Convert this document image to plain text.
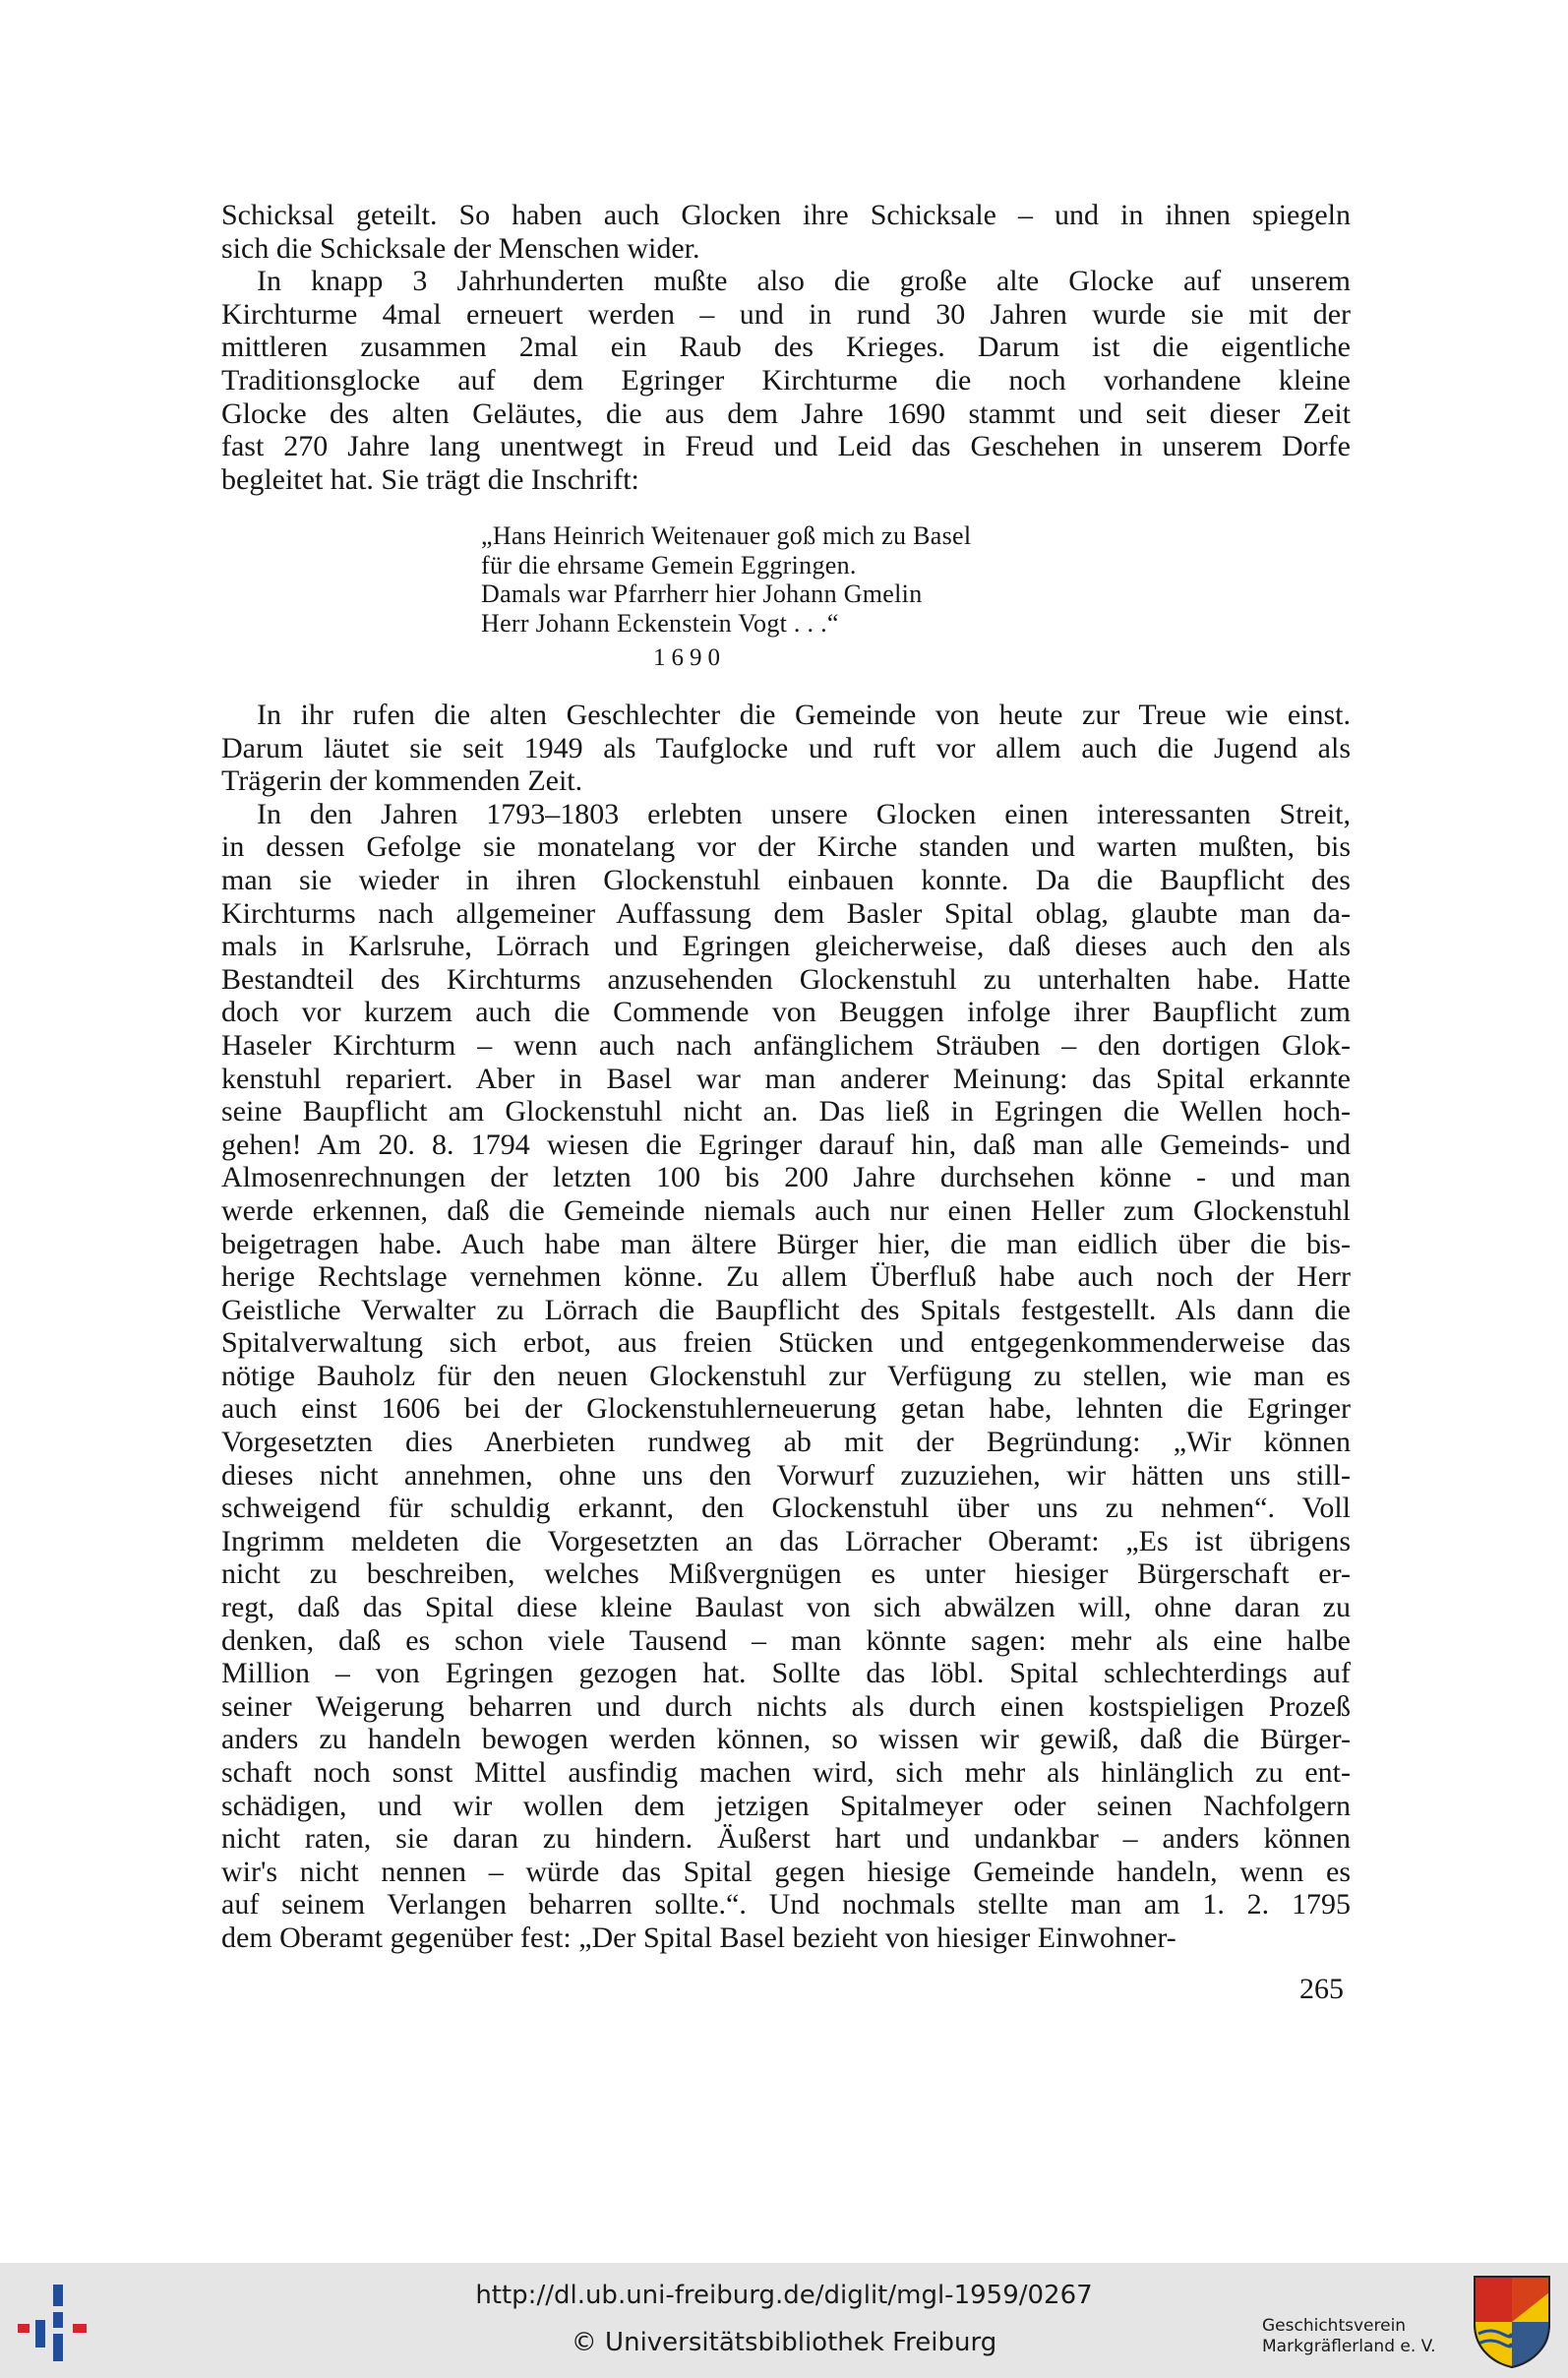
Schicksal geteilt. So haben auch Glocken ihre Schicksale – und in ihnen spiegeln
sich die Schicksale der Menschen wider.

In knapp 3 Jahrhunderten mußte also die große alte Glocke auf unserem
Kirchturme 4mal erneuert werden – und in rund 30 Jahren wurde sie mit der
mittleren zusammen 2mal ein Raub des Krieges. Darum ist die eigentliche
Traditionsglocke auf dem Egringer Kirchturme die noch vorhandene kleine
Glocke des alten Geläutes, die aus dem Jahre 1690 stammt und seit dieser Zeit
fast 270 Jahre lang unentwegt in Freud und Leid das Geschehen in unserem Dorfe
begleitet hat. Sie trägt die Inschrift:

„Hans Heinrich Weitenauer goß mich zu Basel
für die ehrsame Gemein Eggringen.
Damals war Pfarrherr hier Johann Gmelin
Herr Johann Eckenstein Vogt . . .“
1690

In ihr rufen die alten Geschlechter die Gemeinde von heute zur Treue wie einst.
Darum läutet sie seit 1949 als Taufglocke und ruft vor allem auch die Jugend als
Trägerin der kommenden Zeit.

In den Jahren 1793–1803 erlebten unsere Glocken einen interessanten Streit,
in dessen Gefolge sie monatelang vor der Kirche standen und warten mußten, bis
man sie wieder in ihren Glockenstuhl einbauen konnte. Da die Baupflicht des
Kirchturms nach allgemeiner Auffassung dem Basler Spital oblag, glaubte man da-
mals in Karlsruhe, Lörrach und Egringen gleicherweise, daß dieses auch den als
Bestandteil des Kirchturms anzusehenden Glockenstuhl zu unterhalten habe. Hatte
doch vor kurzem auch die Commende von Beuggen infolge ihrer Baupflicht zum
Haseler Kirchturm – wenn auch nach anfänglichem Sträuben – den dortigen Glok-
kenstuhl repariert. Aber in Basel war man anderer Meinung: das Spital erkannte
seine Baupflicht am Glockenstuhl nicht an. Das ließ in Egringen die Wellen hoch-
gehen! Am 20. 8. 1794 wiesen die Egringer darauf hin, daß man alle Gemeinds- und
Almosenrechnungen der letzten 100 bis 200 Jahre durchsehen könne - und man
werde erkennen, daß die Gemeinde niemals auch nur einen Heller zum Glockenstuhl
beigetragen habe. Auch habe man ältere Bürger hier, die man eidlich über die bis-
herige Rechtslage vernehmen könne. Zu allem Überfluß habe auch noch der Herr
Geistliche Verwalter zu Lörrach die Baupflicht des Spitals festgestellt. Als dann die
Spitalverwaltung sich erbot, aus freien Stücken und entgegenkommenderweise das
nötige Bauholz für den neuen Glockenstuhl zur Verfügung zu stellen, wie man es
auch einst 1606 bei der Glockenstuhlerneuerung getan habe, lehnten die Egringer
Vorgesetzten dies Anerbieten rundweg ab mit der Begründung: „Wir können
dieses nicht annehmen, ohne uns den Vorwurf zuzuziehen, wir hätten uns still-
schweigend für schuldig erkannt, den Glockenstuhl über uns zu nehmen“. Voll
Ingrimm meldeten die Vorgesetzten an das Lörracher Oberamt: „Es ist übrigens
nicht zu beschreiben, welches Mißvergnügen es unter hiesiger Bürgerschaft er-
regt, daß das Spital diese kleine Baulast von sich abwälzen will, ohne daran zu
denken, daß es schon viele Tausend – man könnte sagen: mehr als eine halbe
Million – von Egringen gezogen hat. Sollte das löbl. Spital schlechterdings auf
seiner Weigerung beharren und durch nichts als durch einen kostspieligen Prozeß
anders zu handeln bewogen werden können, so wissen wir gewiß, daß die Bürger-
schaft noch sonst Mittel ausfindig machen wird, sich mehr als hinlänglich zu ent-
schädigen, und wir wollen dem jetzigen Spitalmeyer oder seinen Nachfolgern
nicht raten, sie daran zu hindern. Äußerst hart und undankbar – anders können
wir's nicht nennen – würde das Spital gegen hiesige Gemeinde handeln, wenn es
auf seinem Verlangen beharren sollte.“. Und nochmals stellte man am 1. 2. 1795
dem Oberamt gegenüber fest: „Der Spital Basel bezieht von hiesiger Einwohner-

265
http://dl.ub.uni-freiburg.de/diglit/mgl-1959/0267
© Universitätsbibliothek Freiburg
Geschichtsverein
Markgräflerland e. V.
